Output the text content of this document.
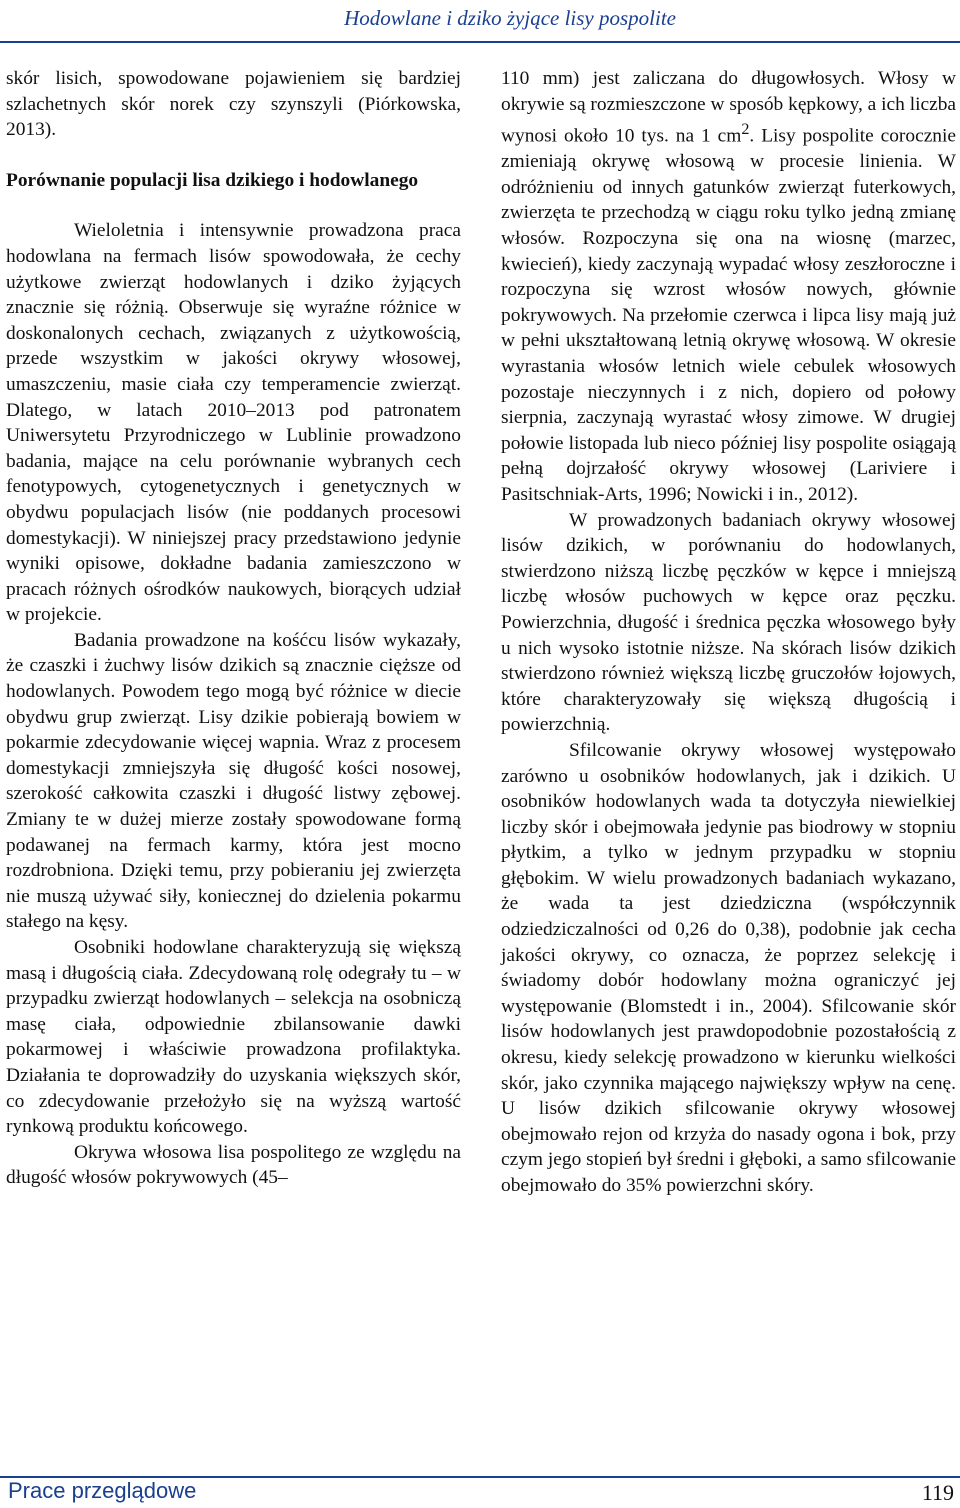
Hodowlane i dziko żyjące lisy pospolite

skór lisich, spowodowane pojawieniem się bardziej szlachetnych skór norek czy szynszyli (Piórkowska, 2013).

Porównanie populacji lisa dzikiego i hodowlanego

Wieloletnia i intensywnie prowadzona praca hodowlana na fermach lisów spowodowała, że cechy użytkowe zwierząt hodowlanych i dziko żyjących znacznie się różnią. Obserwuje się wyraźne różnice w doskonalonych cechach, związanych z użytkowością, przede wszystkim w jakości okrywy włosowej, umaszczeniu, masie ciała czy temperamencie zwierząt. Dlatego, w latach 2010–2013 pod patronatem Uniwersytetu Przyrodniczego w Lublinie prowadzono badania, mające na celu porównanie wybranych cech fenotypowych, cytogenetycznych i genetycznych w obydwu populacjach lisów (nie poddanych procesowi domestykacji). W niniejszej pracy przedstawiono jedynie wyniki opisowe, dokładne badania zamieszczono w pracach różnych ośrodków naukowych, biorących udział w projekcie.

Badania prowadzone na kośćcu lisów wykazały, że czaszki i żuchwy lisów dzikich są znacznie cięższe od hodowlanych. Powodem tego mogą być różnice w diecie obydwu grup zwierząt. Lisy dzikie pobierają bowiem w pokarmie zdecydowanie więcej wapnia. Wraz z procesem domestykacji zmniejszyła się długość kości nosowej, szerokość całkowita czaszki i długość listwy zębowej. Zmiany te w dużej mierze zostały spowodowane formą podawanej na fermach karmy, która jest mocno rozdrobniona. Dzięki temu, przy pobieraniu jej zwierzęta nie muszą używać siły, koniecznej do dzielenia pokarmu stałego na kęsy.

Osobniki hodowlane charakteryzują się większą masą i długością ciała. Zdecydowaną rolę odegrały tu – w przypadku zwierząt hodowlanych – selekcja na osobniczą masę ciała, odpowiednie zbilansowanie dawki pokarmowej i właściwie prowadzona profilaktyka. Działania te doprowadziły do uzyskania większych skór, co zdecydowanie przełożyło się na wyższą wartość rynkową produktu końcowego.

Okrywa włosowa lisa pospolitego ze względu na długość włosów pokrywowych (45–

110 mm) jest zaliczana do długowłosych. Włosy w okrywie są rozmieszczone w sposób kępkowy, a ich liczba wynosi około 10 tys. na 1 $cm^2$. Lisy pospolite corocznie zmieniają okrywę włosową w procesie linienia. W odróżnieniu od innych gatunków zwierząt futerkowych, zwierzęta te przechodzą w ciągu roku tylko jedną zmianę włosów. Rozpoczyna się ona na wiosnę (marzec, kwiecień), kiedy zaczynają wypadać włosy zeszłoroczne i rozpoczyna się wzrost włosów nowych, głównie pokrywowych. Na przełomie czerwca i lipca lisy mają już w pełni ukształtowaną letnią okrywę włosową. W okresie wyrastania włosów letnich wiele cebulek włosowych pozostaje nieczynnych i z nich, dopiero od połowy sierpnia, zaczynają wyrastać włosy zimowe. W drugiej połowie listopada lub nieco później lisy pospolite osiągają pełną dojrzałość okrywy włosowej (Lariviere i Pasitschniak-Arts, 1996; Nowicki i in., 2012).

W prowadzonych badaniach okrywy włosowej lisów dzikich, w porównaniu do hodowlanych, stwierdzono niższą liczbę pęczków w kępce i mniejszą liczbę włosów puchowych w kępce oraz pęczku. Powierzchnia, długość i średnica pęczka włosowego były u nich wysoko istotnie niższe. Na skórach lisów dzikich stwierdzono również większą liczbę gruczołów łojowych, które charakteryzowały się większą długością i powierzchnią.

Sfilcowanie okrywy włosowej występowało zarówno u osobników hodowlanych, jak i dzikich. U osobników hodowlanych wada ta dotyczyła niewielkiej liczby skór i obejmowała jedynie pas biodrowy w stopniu płytkim, a tylko w jednym przypadku w stopniu głębokim. W wielu prowadzonych badaniach wykazano, że wada ta jest dziedziczna (współczynnik odziedziczalności od 0,26 do 0,38), podobnie jak cecha jakości okrywy, co oznacza, że poprzez selekcję i świadomy dobór hodowlany można ograniczyć jej występowanie (Blomstedt i in., 2004). Sfilcowanie skór lisów hodowlanych jest prawdopodobnie pozostałością z okresu, kiedy selekcję prowadzono w kierunku wielkości skór, jako czynnika mającego największy wpływ na cenę. U lisów dzikich sfilcowanie okrywy włosowej obejmowało rejon od krzyża do nasady ogona i bok, przy czym jego stopień był średni i głęboki, a samo sfilcowanie obejmowało do 35% powierzchni skóry.

Prace przeglądowe	119
